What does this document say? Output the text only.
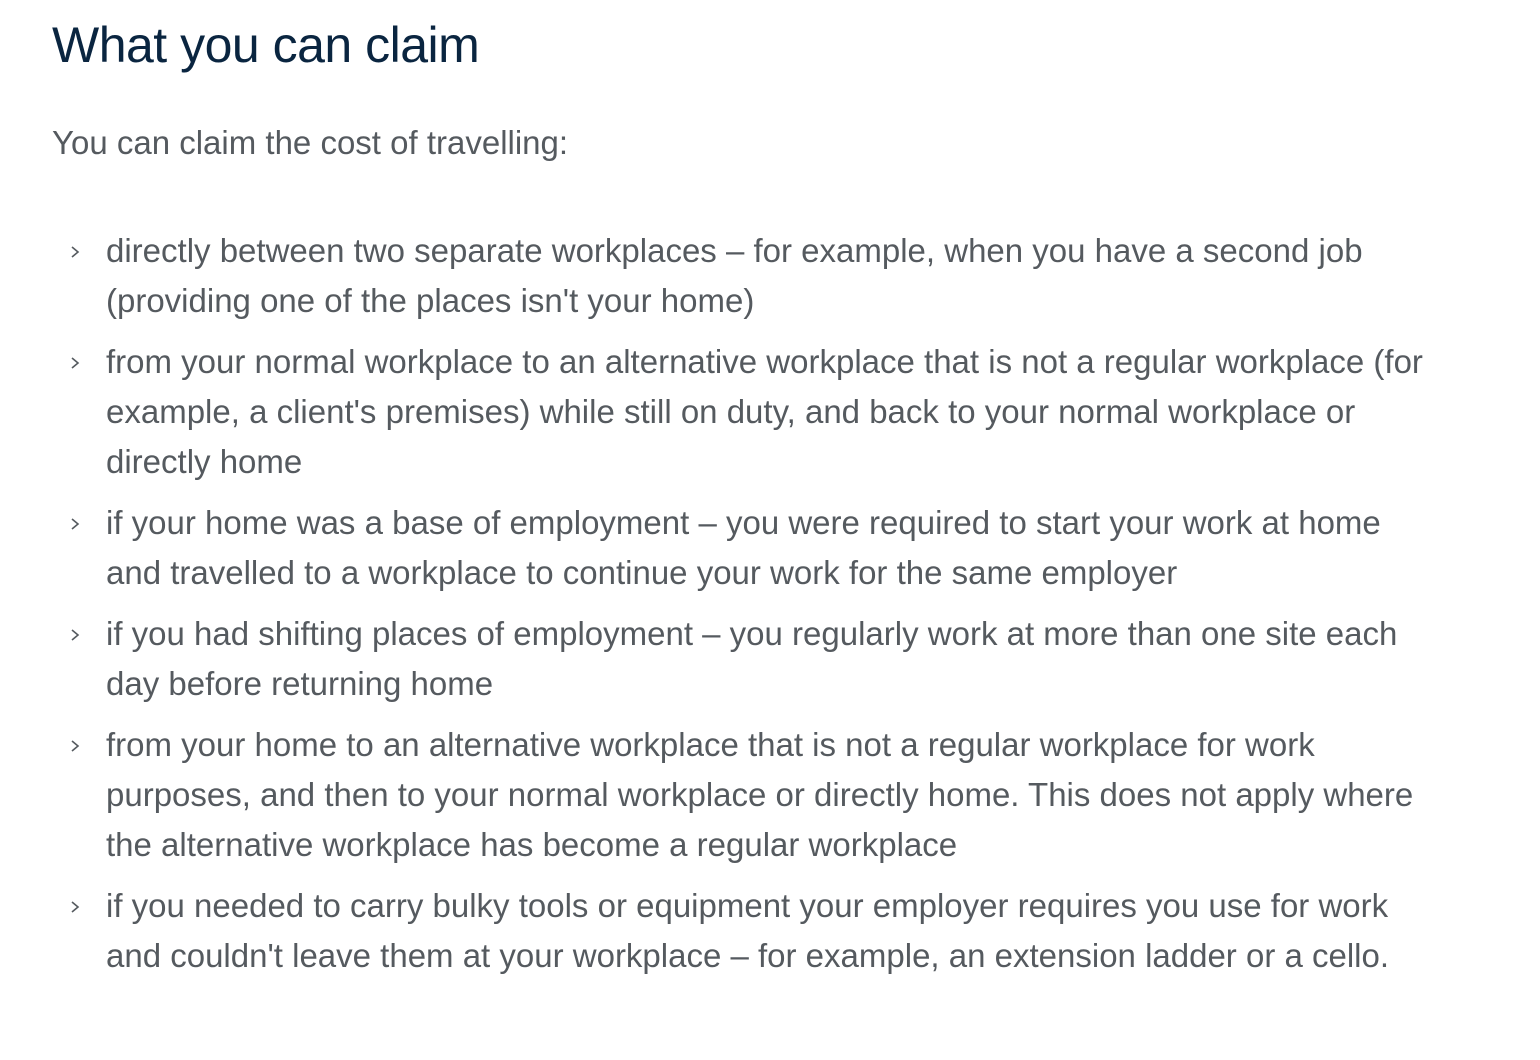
What you can claim

You can claim the cost of travelling:

directly between two separate workplaces – for example, when you have a second job (providing one of the places isn't your home)
from your normal workplace to an alternative workplace that is not a regular workplace (for example, a client's premises) while still on duty, and back to your normal workplace or directly home
if your home was a base of employment – you were required to start your work at home and travelled to a workplace to continue your work for the same employer
if you had shifting places of employment – you regularly work at more than one site each day before returning home
from your home to an alternative workplace that is not a regular workplace for work purposes, and then to your normal workplace or directly home. This does not apply where the alternative workplace has become a regular workplace
if you needed to carry bulky tools or equipment your employer requires you use for work and couldn't leave them at your workplace – for example, an extension ladder or a cello.
